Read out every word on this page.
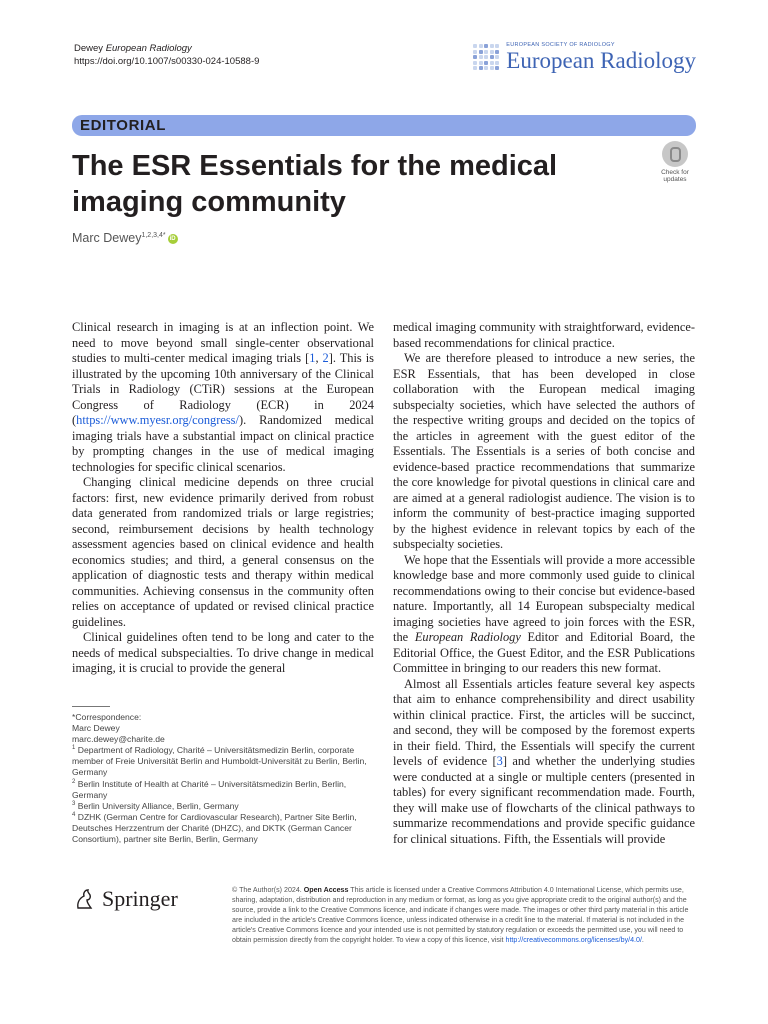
Dewey European Radiology
https://doi.org/10.1007/s00330-024-10588-9
EUROPEAN SOCIETY OF RADIOLOGY
European Radiology
EDITORIAL
The ESR Essentials for the medical imaging community
Check for updates
Marc Dewey$^{1,2,3,4*}$ iD

Clinical research in imaging is at an inflection point. We need to move beyond small single-center observational studies to multi-center medical imaging trials [1, 2]. This is illustrated by the upcoming 10th anniversary of the Clinical Trials in Radiology (CTiR) sessions at the European Congress of Radiology (ECR) in 2024 (https://www.myesr.org/congress/). Randomized medical imaging trials have a substantial impact on clinical practice by prompting changes in the use of medical imaging technologies for specific clinical scenarios.

Changing clinical medicine depends on three crucial factors: first, new evidence primarily derived from robust data generated from randomized trials or large registries; second, reimbursement decisions by health technology assessment agencies based on clinical evidence and health economics studies; and third, a general consensus on the application of diagnostic tests and therapy within medical communities. Achieving consensus in the community often relies on acceptance of updated or revised clinical practice guidelines.

Clinical guidelines often tend to be long and cater to the needs of medical subspecialties. To drive change in medical imaging, it is crucial to provide the general

medical imaging community with straightforward, evidence-based recommendations for clinical practice.

We are therefore pleased to introduce a new series, the ESR Essentials, that has been developed in close collaboration with the European medical imaging subspecialty societies, which have selected the authors of the respective writing groups and decided on the topics of the articles in agreement with the guest editor of the Essentials. The Essentials is a series of both concise and evidence-based practice recommendations that summarize the core knowledge for pivotal questions in clinical care and are aimed at a general radiologist audience. The vision is to inform the community of best-practice imaging supported by the highest evidence in relevant topics by each of the subspecialty societies.

We hope that the Essentials will provide a more accessible knowledge base and more commonly used guide to clinical recommendations owing to their concise but evidence-based nature. Importantly, all 14 European subspecialty medical imaging societies have agreed to join forces with the ESR, the European Radiology Editor and Editorial Board, the Editorial Office, the Guest Editor, and the ESR Publications Committee in bringing to our readers this new format.

Almost all Essentials articles feature several key aspects that aim to enhance comprehensibility and direct usability within clinical practice. First, the articles will be succinct, and second, they will be composed by the foremost experts in their field. Third, the Essentials will specify the current levels of evidence [3] and whether the underlying studies were conducted at a single or multiple centers (presented in tables) for every significant recommendation made. Fourth, they will make use of flowcharts of the clinical pathways to summarize recommendations and provide specific guidance for clinical situations. Fifth, the Essentials will provide

*Correspondence:
Marc Dewey
marc.dewey@charite.de
$^1$ Department of Radiology, Charité – Universitätsmedizin Berlin, corporate member of Freie Universität Berlin and Humboldt-Universität zu Berlin, Berlin, Germany
$^2$ Berlin Institute of Health at Charité – Universitätsmedizin Berlin, Berlin, Germany
$^3$ Berlin University Alliance, Berlin, Germany
$^4$ DZHK (German Centre for Cardiovascular Research), Partner Site Berlin, Deutsches Herzzentrum der Charité (DHZC), and DKTK (German Cancer Consortium), partner site Berlin, Berlin, Germany
Springer	© The Author(s) 2024. Open Access This article is licensed under a Creative Commons Attribution 4.0 International License, which permits use, sharing, adaptation, distribution and reproduction in any medium or format, as long as you give appropriate credit to the original author(s) and the source, provide a link to the Creative Commons licence, and indicate if changes were made. The images or other third party material in this article are included in the article's Creative Commons licence, unless indicated otherwise in a credit line to the material. If material is not included in the article's Creative Commons licence and your intended use is not permitted by statutory regulation or exceeds the permitted use, you will need to obtain permission directly from the copyright holder. To view a copy of this licence, visit http://creativecommons.org/licenses/by/4.0/.
